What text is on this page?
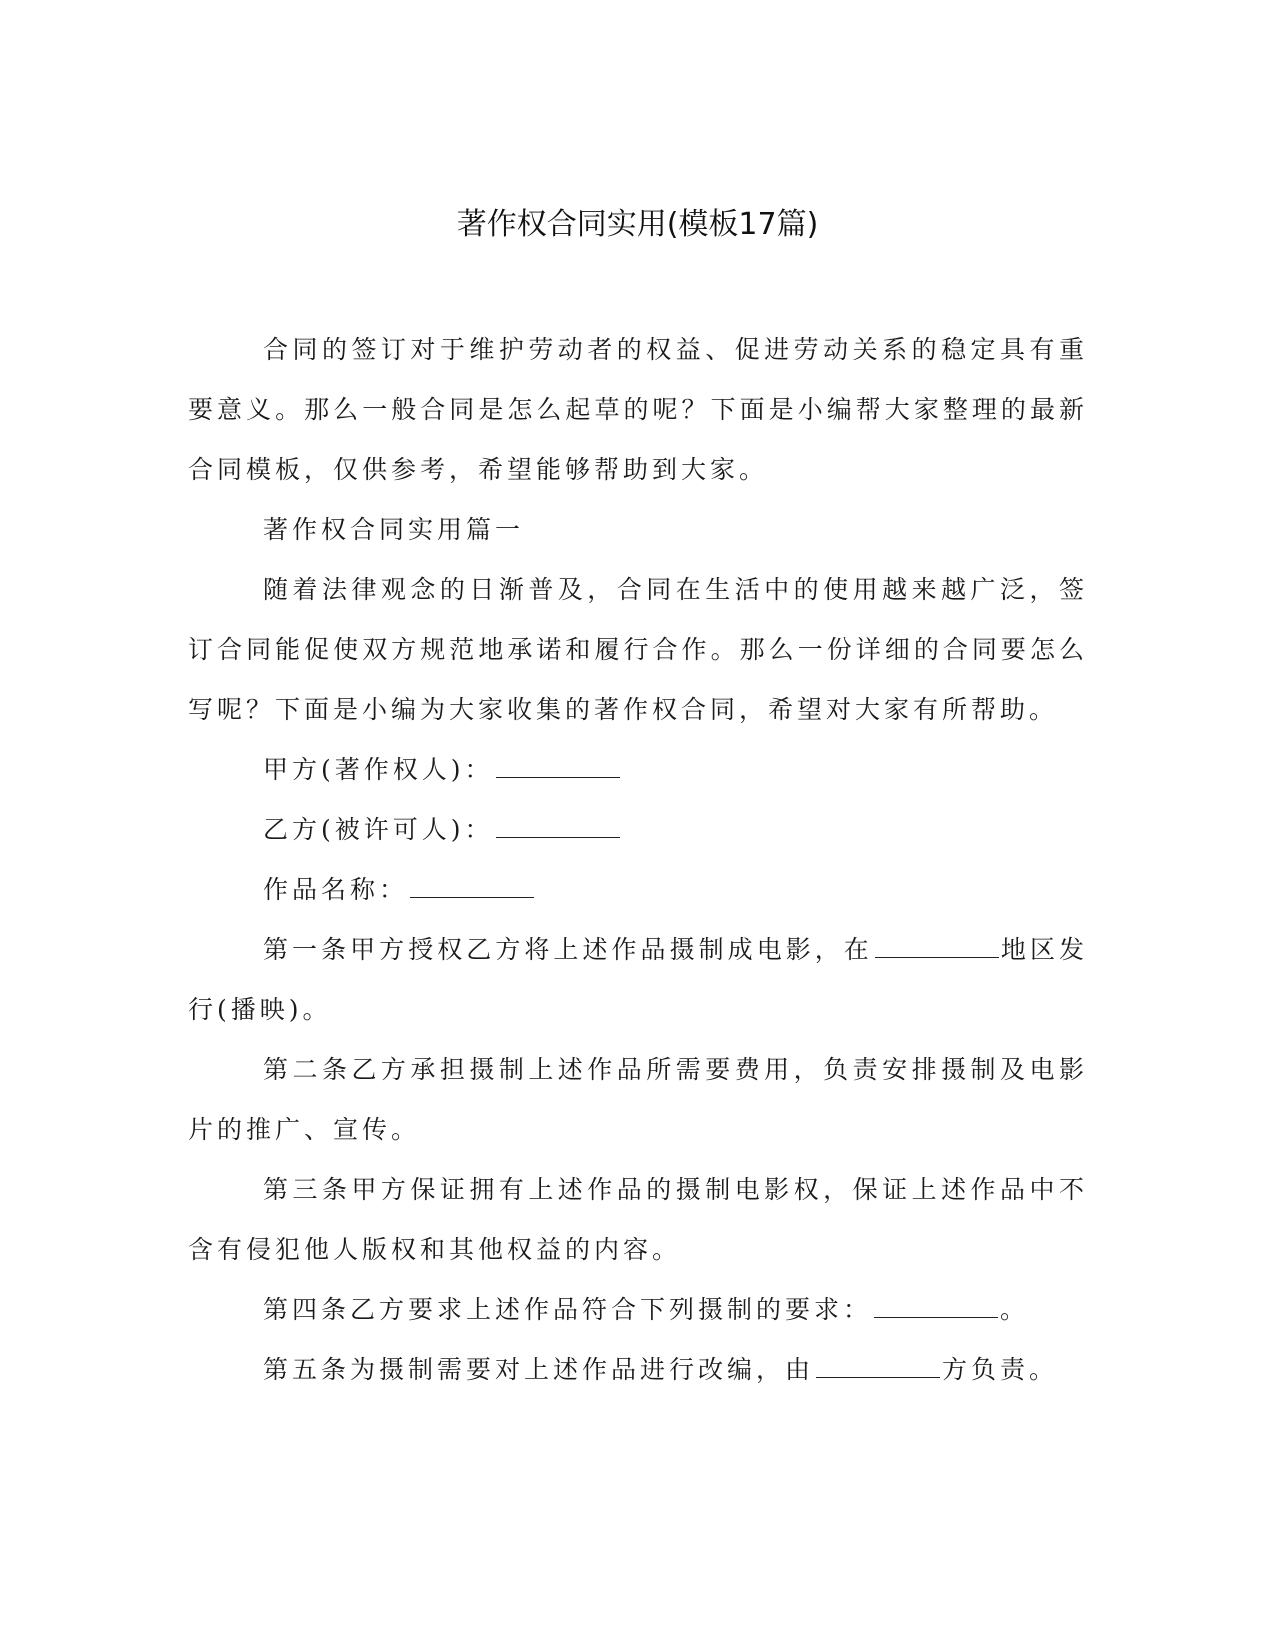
著作权合同实用(模板17篇)

合同的签订对于维护劳动者的权益、促进劳动关系的稳定具有重要意义。那么一般合同是怎么起草的呢？下面是小编帮大家整理的最新合同模板，仅供参考，希望能够帮助到大家。

著作权合同实用篇一

随着法律观念的日渐普及，合同在生活中的使用越来越广泛，签订合同能促使双方规范地承诺和履行合作。那么一份详细的合同要怎么写呢？下面是小编为大家收集的著作权合同，希望对大家有所帮助。

甲方(著作权人)：

乙方(被许可人)：

作品名称：

第一条甲方授权乙方将上述作品摄制成电影，在	地区发行(播映)。

第二条乙方承担摄制上述作品所需要费用，负责安排摄制及电影片的推广、宣传。

第三条甲方保证拥有上述作品的摄制电影权，保证上述作品中不含有侵犯他人版权和其他权益的内容。

第四条乙方要求上述作品符合下列摄制的要求：	。

第五条为摄制需要对上述作品进行改编，由	方负责。
